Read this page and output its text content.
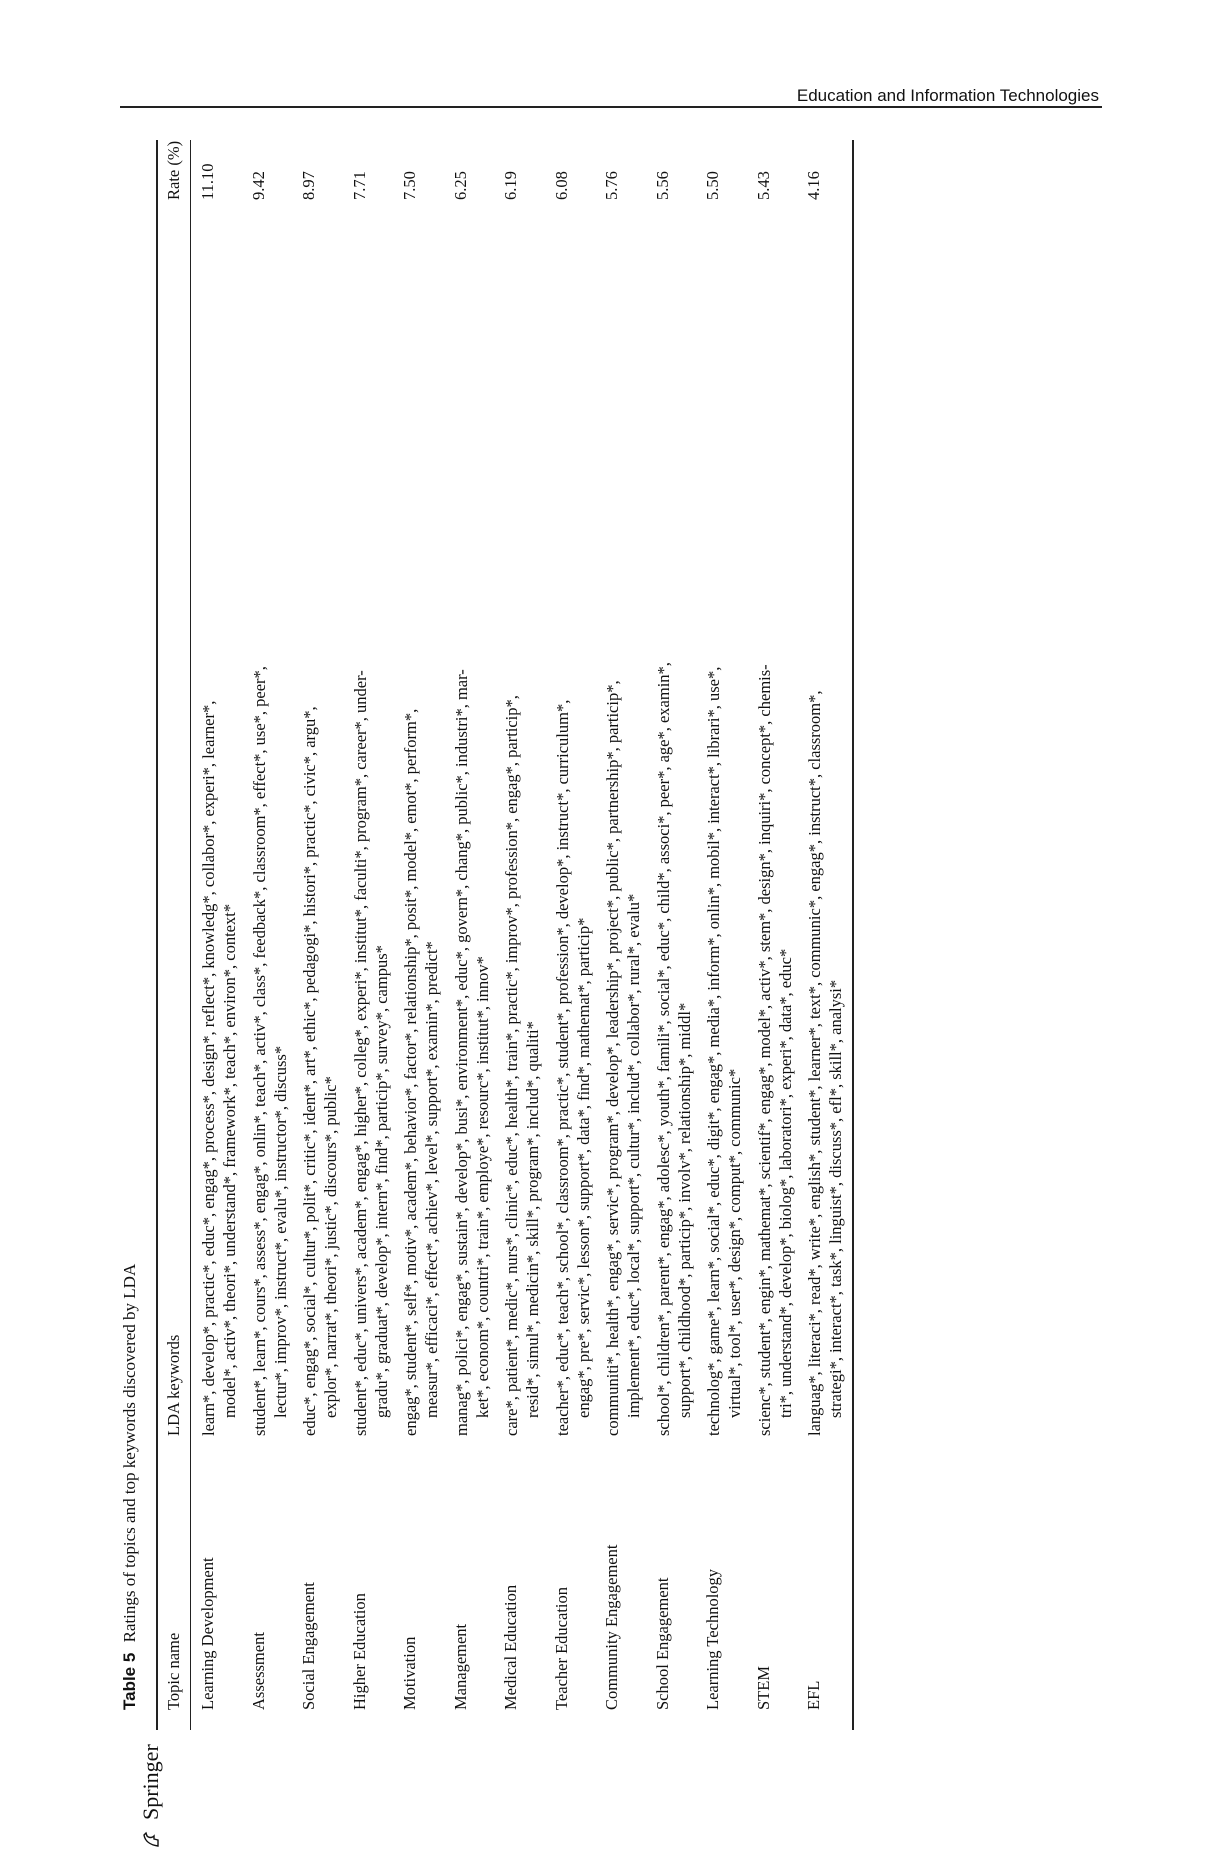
Education and Information Technologies
Springer
Table 5 Ratings of topics and top keywords discovered by LDA
Topic name
LDA keywords
Rate (%)
Learning Development
learn*, develop*, practic*, educ*, engag*, process*, design*, reflect*, knowledg*, collabor*, experi*, learner*, model*, activ*, theori*, understand*, framework*, teach*, environ*, context*
11.10
Assessment
student*, learn*, cours*, assess*, engag*, onlin*, teach*, activ*, class*, feedback*, classroom*, effect*, use*, peer*, lectur*, improv*, instruct*, evalu*, instructor*, discuss*
9.42
Social Engagement
educ*, engag*, social*, cultur*, polit*, critic*, ident*, art*, ethic*, pedagogi*, histori*, practic*, civic*, argu*, explor*, narrat*, theori*, justic*, discours*, public*
8.97
Higher Education
student*, educ*, univers*, academ*, engag*, higher*, colleg*, experi*, institut*, faculti*, program*, career*, under- gradu*, graduat*, develop*, intern*, find*, particip*, survey*, campus*
7.71
Motivation
engag*, student*, self*, motiv*, academ*, behavior*, factor*, relationship*, posit*, model*, emot*, perform*, measur*, efficaci*, effect*, achiev*, level*, support*, examin*, predict*
7.50
Management
manag*, polici*, engag*, sustain*, develop*, busi*, environment*, educ*, govern*, chang*, public*, industri*, mar- ket*, econom*, countri*, train*, employe*, resourc*, institut*, innov*
6.25
Medical Education
care*, patient*, medic*, nurs*, clinic*, educ*, health*, train*, practic*, improv*, profession*, engag*, particip*, resid*, simul*, medicin*, skill*, program*, includ*, qualiti*
6.19
Teacher Education
teacher*, educ*, teach*, school*, classroom*, practic*, student*, profession*, develop*, instruct*, curriculum*, engag*, pre*, servic*, lesson*, support*, data*, find*, mathemat*, particip*
6.08
Community Engagement
communiti*, health*, engag*, servic*, program*, develop*, leadership*, project*, public*, partnership*, particip*, implement*, educ*, local*, support*, cultur*, includ*, collabor*, rural*, evalu*
5.76
School Engagement
school*, children*, parent*, engag*, adolesc*, youth*, famili*, social*, educ*, child*, associ*, peer*, age*, examin*, support*, childhood*, particip*, involv*, relationship*, middl*
5.56
Learning Technology
technolog*, game*, learn*, social*, educ*, digit*, engag*, media*, inform*, onlin*, mobil*, interact*, librari*, use*, virtual*, tool*, user*, design*, comput*, communic*
5.50
STEM
scienc*, student*, engin*, mathemat*, scientif*, engag*, model*, activ*, stem*, design*, inquiri*, concept*, chemis- tri*, understand*, develop*, biolog*, laboratori*, experi*, data*, educ*
5.43
EFL
languag*, literaci*, read*, write*, english*, student*, learner*, text*, communic*, engag*, instruct*, classroom*, strategi*, interact*, task*, linguist*, discuss*, efl*, skill*, analysi*
4.16
